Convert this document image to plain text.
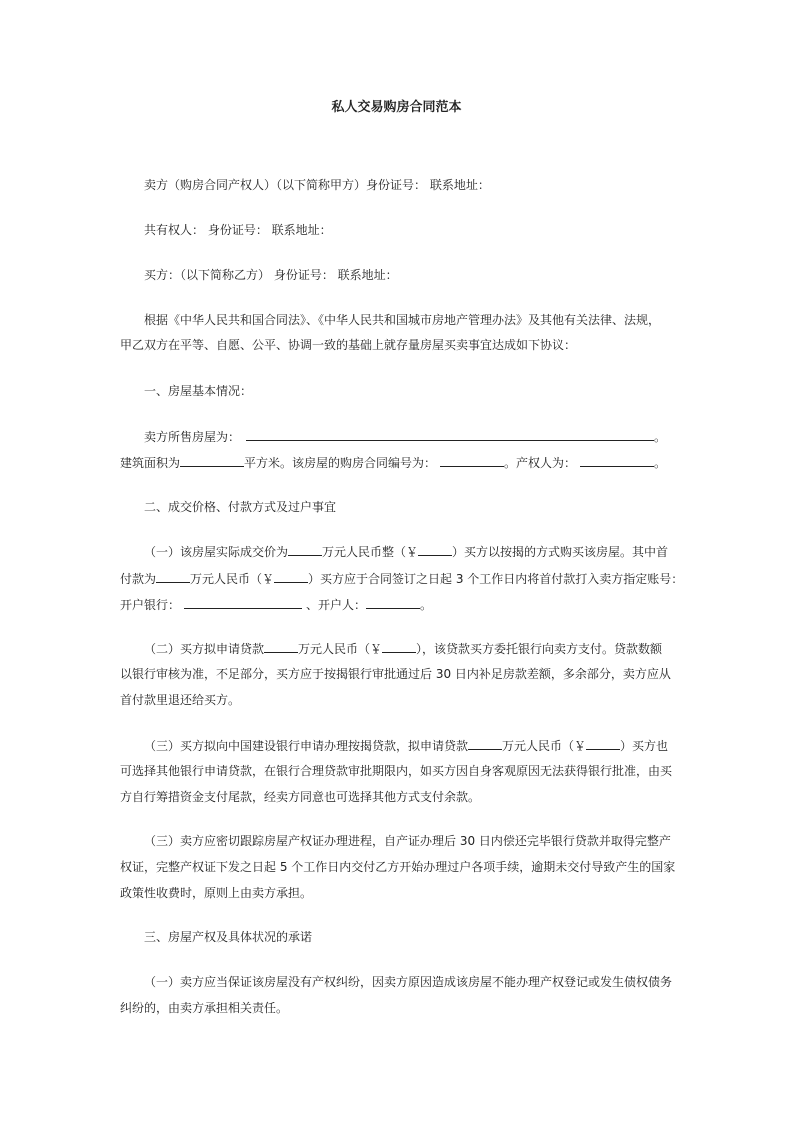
私人交易购房合同范本
卖方（购房合同产权人）（以下简称甲方）身份证号： 联系地址：
共有权人： 身份证号： 联系地址：
买方：（以下简称乙方） 身份证号： 联系地址：
根据《中华人民共和国合同法》、《中华人民共和国城市房地产管理办法》及其他有关法律、法规，
甲乙双方在平等、自愿、公平、协调一致的基础上就存量房屋买卖事宜达成如下协议：
一、房屋基本情况：
卖方所售房屋为：	。
建筑面积为	平方米。该房屋的购房合同编号为：	。产权人为：	。
二、成交价格、付款方式及过户事宜
（一）该房屋实际成交价为	万元人民币整（￥	）买方以按揭的方式购买该房屋。其中首
付款为	万元人民币（￥	）买方应于合同签订之日起 3 个工作日内将首付款打入卖方指定账号：
开户银行：	、开户人：	。
（二）买方拟申请贷款	万元人民币（￥	），该贷款买方委托银行向卖方支付。贷款数额
以银行审核为准，不足部分，买方应于按揭银行审批通过后 30 日内补足房款差额，多余部分，卖方应从
首付款里退还给买方。
（三）买方拟向中国建设银行申请办理按揭贷款，拟申请贷款	万元人民币（￥	）买方也
可选择其他银行申请贷款，在银行合理贷款审批期限内，如买方因自身客观原因无法获得银行批准，由买
方自行筹措资金支付尾款，经卖方同意也可选择其他方式支付余款。
（三）卖方应密切跟踪房屋产权证办理进程，自产证办理后 30 日内偿还完毕银行贷款并取得完整产
权证，完整产权证下发之日起 5 个工作日内交付乙方开始办理过户各项手续，逾期未交付导致产生的国家
政策性收费时，原则上由卖方承担。
三、房屋产权及具体状况的承诺
（一）卖方应当保证该房屋没有产权纠纷，因卖方原因造成该房屋不能办理产权登记或发生债权债务
纠纷的，由卖方承担相关责任。
